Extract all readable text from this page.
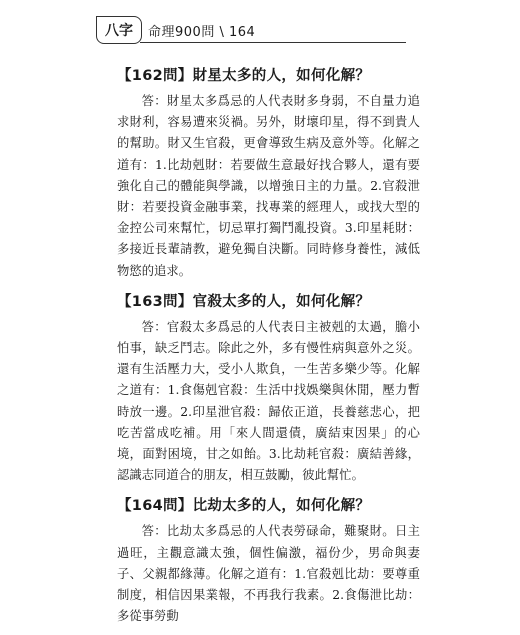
八字	命理900問 \ 164
【162問】財星太多的人，如何化解？
答：財星太多爲忌的人代表財多身弱，不自量力追求財利，容易遭來災禍。另外，財壞印星，得不到貴人的幫助。財又生官殺，更會導致生病及意外等。化解之道有：1.比劫剋財：若要做生意最好找合夥人，還有要強化自己的體能與學識，以增強日主的力量。2.官殺泄財：若要投資金融事業，找專業的經理人，或找大型的金控公司來幫忙，切忌單打獨鬥亂投資。3.印星耗財：多接近長輩請教，避免獨自決斷。同時修身養性，減低物慾的追求。
【163問】官殺太多的人，如何化解？
答：官殺太多爲忌的人代表日主被剋的太過，膽小怕事，缺乏鬥志。除此之外，多有慢性病與意外之災。還有生活壓力大，受小人欺負，一生苦多樂少等。化解之道有：1.食傷剋官殺：生活中找娛樂與休閒，壓力暫時放一邊。2.印星泄官殺：歸依正道，長養慈悲心，把吃苦當成吃補。用「來人間還債，廣結束因果」的心境，面對困境，甘之如飴。3.比劫耗官殺：廣結善緣，認識志同道合的朋友，相互鼓勵，彼此幫忙。
【164問】比劫太多的人，如何化解？
答：比劫太多爲忌的人代表勞碌命，難聚財。日主過旺，主觀意識太強，個性偏激，福份少，男命與妻子、父親都緣薄。化解之道有：1.官殺剋比劫：要尊重制度，相信因果業報，不再我行我素。2.食傷泄比劫：多從事勞動
